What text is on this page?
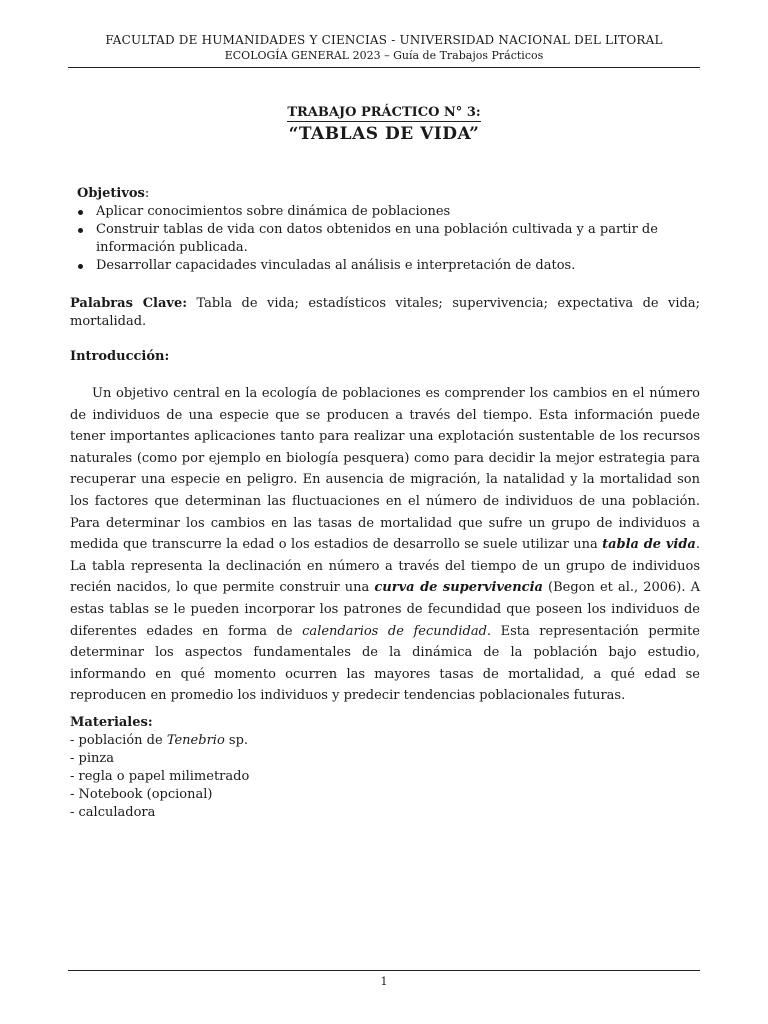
FACULTAD DE HUMANIDADES Y CIENCIAS - UNIVERSIDAD NACIONAL DEL LITORAL
ECOLOGÍA GENERAL 2023 – Guía de Trabajos Prácticos
TRABAJO PRÁCTICO N° 3:
“TABLAS DE VIDA”
Objetivos:
Aplicar conocimientos sobre dinámica de poblaciones
Construir tablas de vida con datos obtenidos en una población cultivada y a partir de información publicada.
Desarrollar capacidades vinculadas al análisis e interpretación de datos.
Palabras Clave: Tabla de vida; estadísticos vitales; supervivencia; expectativa de vida; mortalidad.
Introducción:
Un objetivo central en la ecología de poblaciones es comprender los cambios en el número de individuos de una especie que se producen a través del tiempo. Esta información puede tener importantes aplicaciones tanto para realizar una explotación sustentable de los recursos naturales (como por ejemplo en biología pesquera) como para decidir la mejor estrategia para recuperar una especie en peligro. En ausencia de migración, la natalidad y la mortalidad son los factores que determinan las fluctuaciones en el número de individuos de una población. Para determinar los cambios en las tasas de mortalidad que sufre un grupo de individuos a medida que transcurre la edad o los estadios de desarrollo se suele utilizar una tabla de vida. La tabla representa la declinación en número a través del tiempo de un grupo de individuos recién nacidos, lo que permite construir una curva de supervivencia (Begon et al., 2006). A estas tablas se le pueden incorporar los patrones de fecundidad que poseen los individuos de diferentes edades en forma de calendarios de fecundidad. Esta representación permite determinar los aspectos fundamentales de la dinámica de la población bajo estudio, informando en qué momento ocurren las mayores tasas de mortalidad, a qué edad se reproducen en promedio los individuos y predecir tendencias poblacionales futuras.
Materiales:
- población de Tenebrio sp.
- pinza
- regla o papel milimetrado
- Notebook (opcional)
- calculadora
1
